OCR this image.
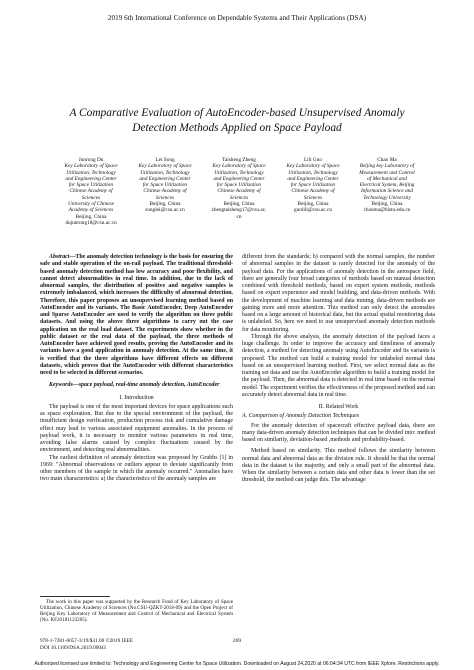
2019 6th International Conference on Dependable Systems and Their Applications (DSA)
A Comparative Evaluation of AutoEncoder-based Unsupervised Anomaly
Detection Methods Applied on Space Payload
Junrong Du
Key Laboratory of Space
Utilization, Technology
and Engineering Center
for Space Utilization
Chinese Academy of
Sciences
University of Chinese
Academy of Sciences
Beijing, China
dujunrong18@csu.ac.cn
Lei Song
Key Laboratory of Space
Utilization, Technology
and Engineering Center
for Space Utilization
Chinese Academy of
Sciences
Beijing, China
songlei@csu.ac.cn
Taisheng Zheng
Key Laboratory of Space
Utilization, Technology
and Engineering Center
for Space Utilization
Chinese Academy of
Sciences
Beijing, China
zhengtaisheng17@csu.ac.
cn
Lili Guo
Key Laboratory of Space
Utilization, Technology
and Engineering Center
for Space Utilization
Chinese Academy of
Sciences
Beijing, China
guolili@csu.ac.cn
Chao Ma
Beijing key Laboratory of
Measurement and Control
of Mechanical and
Electrical System, Beijing
Information Science and
Technology University
Beijing, China
chaoma@bistu.edu.cn

Abstract—The anomaly detection technology is the basis for ensuring the safe and stable operation of the on-rail payload. The traditional threshold-based anomaly detection method has low accuracy and poor flexibility, and cannot detect abnormalities in real time. In addition, due to the lack of abnormal samples, the distribution of positive and negative samples is extremely imbalanced, which increases the difficulty of abnormal detection. Therefore, this paper proposes an unsupervised learning method based on AutoEncoder and its variants. The Basic AutoEncoder, Deep AutoEncoder and Sparse AutoEncoder are used to verify the algorithm on three public datasets. And using the above three algorithms to carry out the case application on the real load dataset. The experiments show whether in the public dataset or the real data of the payload, the three methods of AutoEncoder have achieved good results, proving the AutoEncoder and its variants have a good application in anomaly detection. At the same time, it is verified that the three algorithms have different effects on different datasets, which proves that the AutoEncoder with different characteristics need to be selected in different scenarios.

Keywords—space payload, real-time anomaly detection, AutoEncoder

I. Introduction

The payload is one of the most important devices for space applications such as space exploration. But due to the special environment of the payload, the insufficient design verification, production process risk and cumulative damage effect may lead to various associated equipment anomalies. In the process of payload work, it is necessary to monitor various parameters in real time, avoiding false alarms caused by complex fluctuations caused by the environment, and detecting real abnormalities.

The earliest definition of anomaly detection was proposed by Grubbs [1] in 1969: "Abnormal observations or outliers appear to deviate significantly from other members of the sample in which the anomaly occurred." Anomalies have two main characteristics: a) the characteristics of the anomaly samples are

The work in this paper was supported by the Research Fund of Key Laboratory of Space Utilization, Chinese Academy of Sciences (No.CSU-QZKT-2018-09) and the Open Project of Beijing Key Laboratory of Measurement and Control of Mechanical and Electrical System (No. KF20181123205).

different from the standards; b) compared with the normal samples, the number of abnormal samples in the dataset is rarely detected for the anomaly of the payload data. For the applications of anomaly detection in the aerospace field, there are generally four broad categories of methods based on manual detection combined with threshold methods, based on expert system methods, methods based on expert experience and model building, and data-driven methods. With the development of machine learning and data mining, data-driven methods are gaining more and more attention. This method can only detect the anomalies based on a large amount of historical data, but the actual spatial monitoring data is unlabeled. So, here we need to use unsupervised anomaly detection methods for data monitoring.

Through the above analysis, the anomaly detection of the payload faces a huge challenge. In order to improve the accuracy and timeliness of anomaly detection, a method for detecting anomaly using AutoEncoder and its variants is proposed. The method can build a training model for unlabeled normal data based on an unsupervised learning method. First, we select normal data as the training set data and use the AutoEncoder algorithm to build a training model for the payload. Then, the abnormal data is detected in real time based on the normal model. The experiment verifies the effectiveness of the proposed method and can accurately detect abnormal data in real time.

II. Related Work

A. Comparison of Anomaly Detection Techniques

For the anomaly detection of spacecraft effective payload data, there are many data-driven anomaly detection techniques that can be divided into: method based on similarity, deviation-based ,methods and probability-based.

Method based on similarity. This method follows the similarity between normal data and abnormal data as the division rule. It should be that the normal data in the dataset is the majority, and only a small part of the abnormal data. When the similarity between a certain data and other data is lower than the set threshold, the method can judge this. The advantage

978-1-7281-6057-3/19/$31.00 ©2019 IEEE
DOI 10.1109/DSA.2019.00041
269
Authorized licensed use limited to: Technology and Engineering Center for Space Utilization. Downloaded on August 24,2020 at 06:04:34 UTC from IEEE Xplore. Restrictions apply.
